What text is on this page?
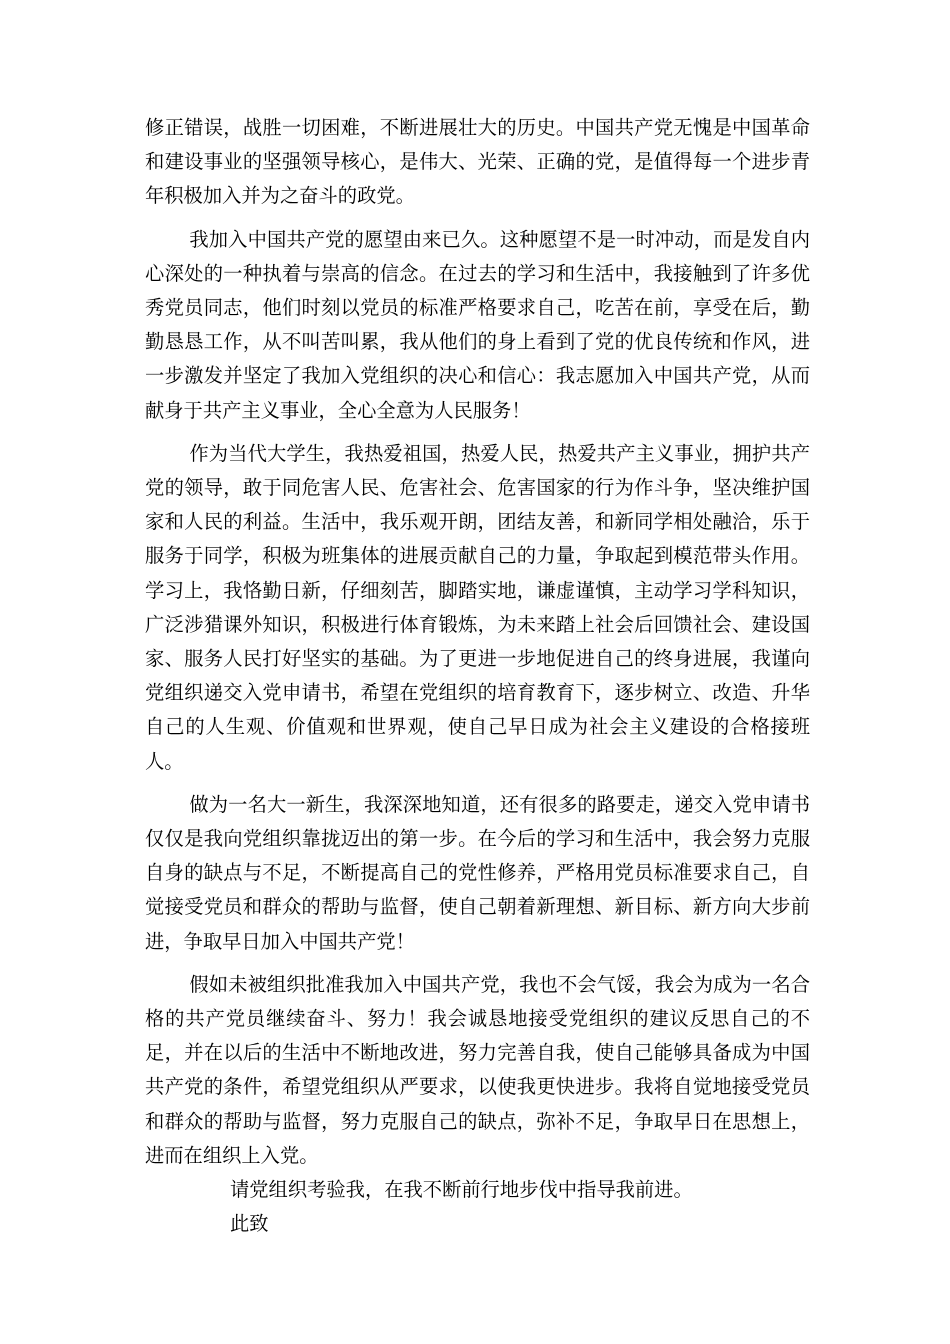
修正错误，战胜一切困难，不断进展壮大的历史。中国共产党无愧是中国革命和建设事业的坚强领导核心，是伟大、光荣、正确的党，是值得每一个进步青年积极加入并为之奋斗的政党。

我加入中国共产党的愿望由来已久。这种愿望不是一时冲动，而是发自内心深处的一种执着与崇高的信念。在过去的学习和生活中，我接触到了许多优秀党员同志，他们时刻以党员的标准严格要求自己，吃苦在前，享受在后，勤勤恳恳工作，从不叫苦叫累，我从他们的身上看到了党的优良传统和作风，进一步激发并坚定了我加入党组织的决心和信心：我志愿加入中国共产党，从而献身于共产主义事业，全心全意为人民服务！

作为当代大学生，我热爱祖国，热爱人民，热爱共产主义事业，拥护共产党的领导，敢于同危害人民、危害社会、危害国家的行为作斗争，坚决维护国家和人民的利益。生活中，我乐观开朗，团结友善，和新同学相处融洽，乐于服务于同学，积极为班集体的进展贡献自己的力量，争取起到模范带头作用。学习上，我恪勤日新，仔细刻苦，脚踏实地，谦虚谨慎，主动学习学科知识，广泛涉猎课外知识，积极进行体育锻炼，为未来踏上社会后回馈社会、建设国家、服务人民打好坚实的基础。为了更进一步地促进自己的终身进展，我谨向党组织递交入党申请书，希望在党组织的培育教育下，逐步树立、改造、升华自己的人生观、价值观和世界观，使自己早日成为社会主义建设的合格接班人。

做为一名大一新生，我深深地知道，还有很多的路要走，递交入党申请书仅仅是我向党组织靠拢迈出的第一步。在今后的学习和生活中，我会努力克服自身的缺点与不足，不断提高自己的党性修养，严格用党员标准要求自己，自觉接受党员和群众的帮助与监督，使自己朝着新理想、新目标、新方向大步前进，争取早日加入中国共产党！

假如未被组织批准我加入中国共产党，我也不会气馁，我会为成为一名合格的共产党员继续奋斗、努力！我会诚恳地接受党组织的建议反思自己的不足，并在以后的生活中不断地改进，努力完善自我，使自己能够具备成为中国共产党的条件，希望党组织从严要求，以使我更快进步。我将自觉地接受党员和群众的帮助与监督，努力克服自己的缺点，弥补不足，争取早日在思想上，进而在组织上入党。

请党组织考验我，在我不断前行地步伐中指导我前进。

此致
